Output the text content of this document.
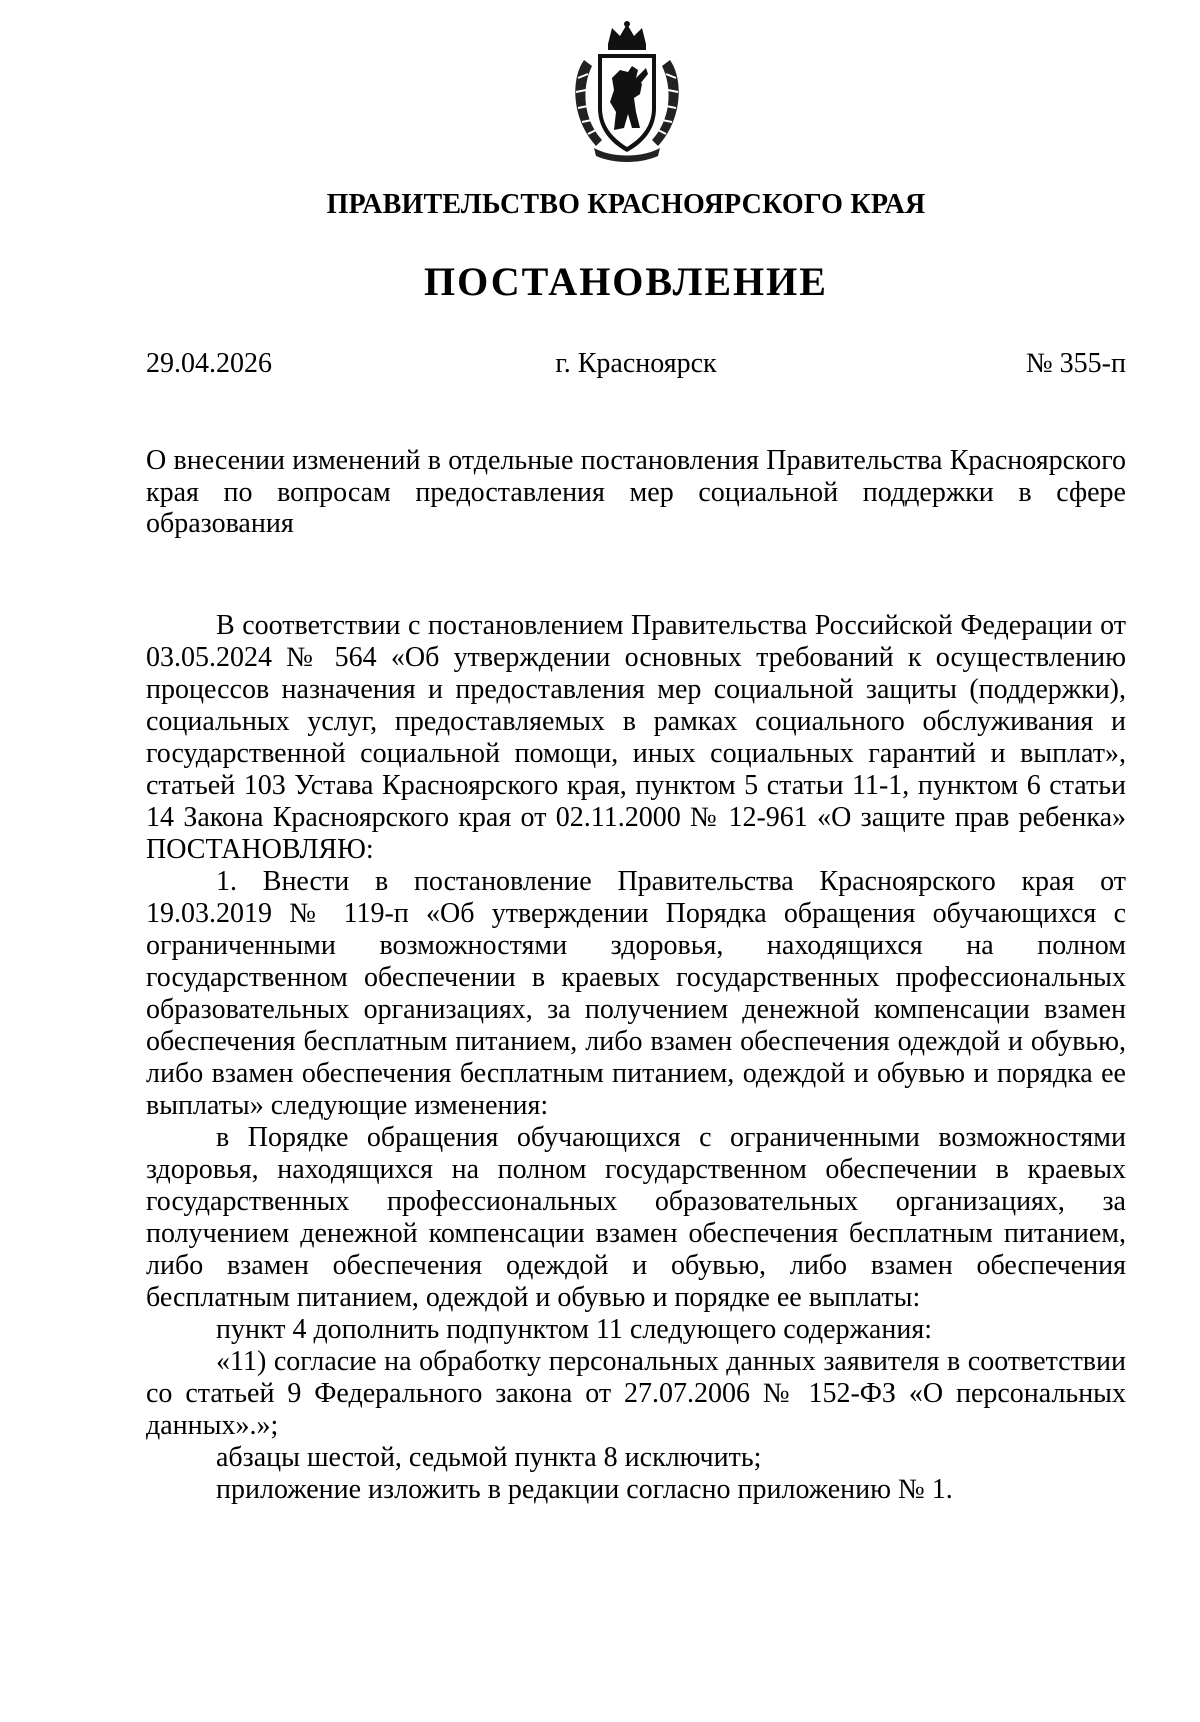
ПРАВИТЕЛЬСТВО КРАСНОЯРСКОГО КРАЯ
ПОСТАНОВЛЕНИЕ
29.04.2026	г. Красноярск	№ 355-п
О внесении изменений в отдельные постановления Правительства Красноярского края по вопросам предоставления мер социальной поддержки в сфере образования

В соответствии с постановлением Правительства Российской Федерации от 03.05.2024 № 564 «Об утверждении основных требований к осуществлению процессов назначения и предоставления мер социальной защиты (поддержки), социальных услуг, предоставляемых в рамках социального обслуживания и государственной социальной помощи, иных социальных гарантий и выплат», статьей 103 Устава Красноярского края, пунктом 5 статьи 11-1, пунктом 6 статьи 14 Закона Красноярского края от 02.11.2000 № 12-961 «О защите прав ребенка» ПОСТАНОВЛЯЮ:

1. Внести в постановление Правительства Красноярского края от 19.03.2019 № 119-п «Об утверждении Порядка обращения обучающихся с ограниченными возможностями здоровья, находящихся на полном государственном обеспечении в краевых государственных профессиональных образовательных организациях, за получением денежной компенсации взамен обеспечения бесплатным питанием, либо взамен обеспечения одеждой и обувью, либо взамен обеспечения бесплатным питанием, одеждой и обувью и порядка ее выплаты» следующие изменения:

в Порядке обращения обучающихся с ограниченными возможностями здоровья, находящихся на полном государственном обеспечении в краевых государственных профессиональных образовательных организациях, за получением денежной компенсации взамен обеспечения бесплатным питанием, либо взамен обеспечения одеждой и обувью, либо взамен обеспечения бесплатным питанием, одеждой и обувью и порядке ее выплаты:

пункт 4 дополнить подпунктом 11 следующего содержания:

«11) согласие на обработку персональных данных заявителя в соответствии со статьей 9 Федерального закона от 27.07.2006 № 152-ФЗ «О персональных данных».»;

абзацы шестой, седьмой пункта 8 исключить;

приложение изложить в редакции согласно приложению № 1.
